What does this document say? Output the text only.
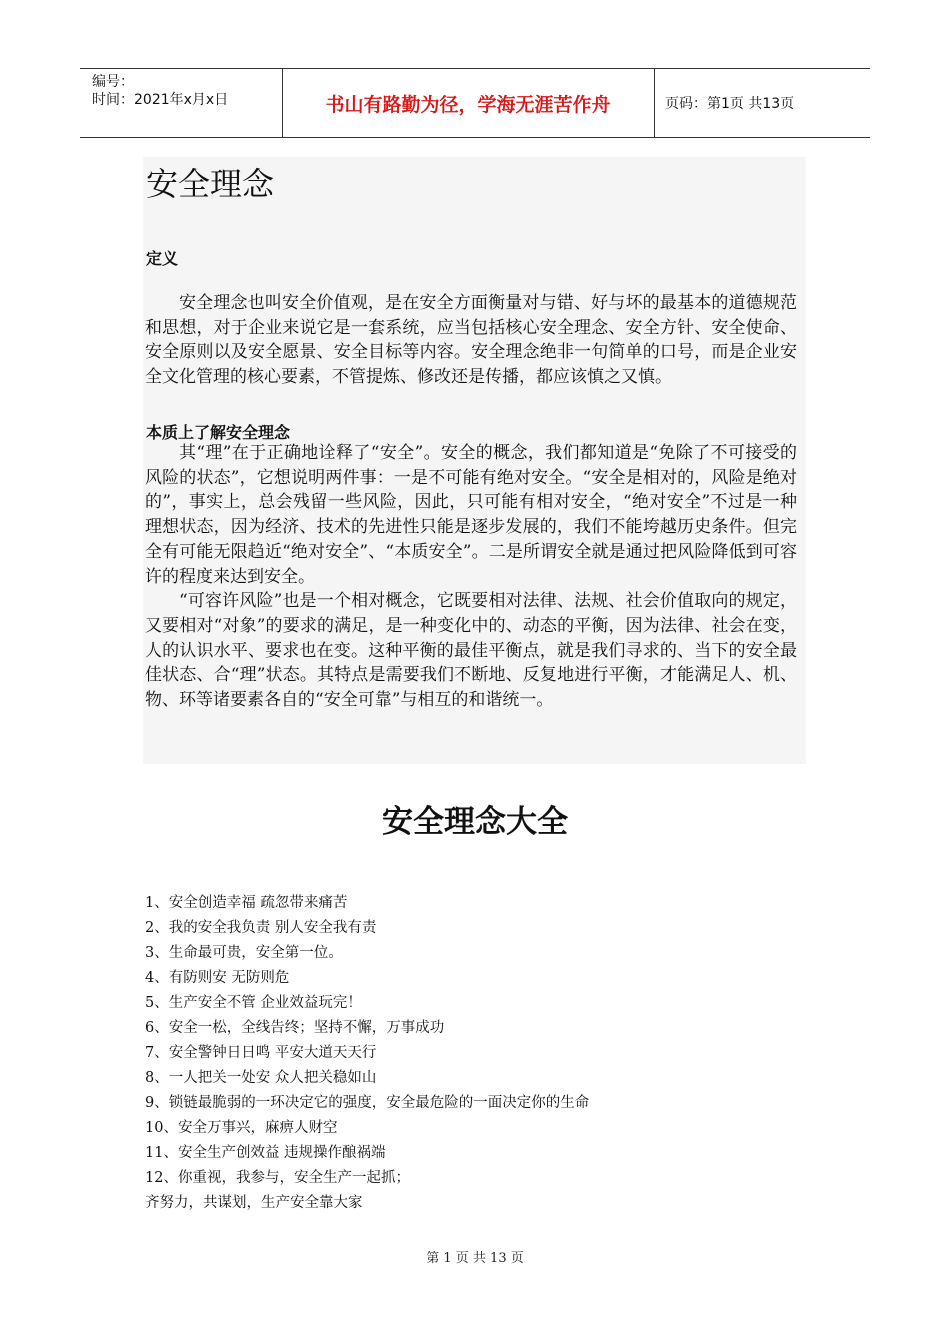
编号：
时间：2021年x月x日	书山有路勤为径，学海无涯苦作舟	页码：第1页 共13页
安全理念
定义

安全理念也叫安全价值观，是在安全方面衡量对与错、好与坏的最基本的道德规范和思想，对于企业来说它是一套系统，应当包括核心安全理念、安全方针、安全使命、安全原则以及安全愿景、安全目标等内容。安全理念绝非一句简单的口号，而是企业安全文化管理的核心要素，不管提炼、修改还是传播，都应该慎之又慎。

本质上了解安全理念

其“理”在于正确地诠释了“安全”。安全的概念，我们都知道是“免除了不可接受的风险的状态”，它想说明两件事：一是不可能有绝对安全。“安全是相对的，风险是绝对的”，事实上，总会残留一些风险，因此，只可能有相对安全，“绝对安全”不过是一种理想状态，因为经济、技术的先进性只能是逐步发展的，我们不能垮越历史条件。但完全有可能无限趋近“绝对安全”、“本质安全”。二是所谓安全就是通过把风险降低到可容许的程度来达到安全。

“可容许风险”也是一个相对概念，它既要相对法律、法规、社会价值取向的规定，又要相对“对象”的要求的满足，是一种变化中的、动态的平衡，因为法律、社会在变，人的认识水平、要求也在变。这种平衡的最佳平衡点，就是我们寻求的、当下的安全最佳状态、合“理”状态。其特点是需要我们不断地、反复地进行平衡，才能满足人、机、物、环等诸要素各自的“安全可靠”与相互的和谐统一。

安全理念大全
1、安全创造幸福 疏忽带来痛苦
2、我的安全我负责 别人安全我有责
3、生命最可贵，安全第一位。
4、有防则安 无防则危
5、生产安全不管 企业效益玩完！
6、安全一松，全线告终；坚持不懈，万事成功
7、安全警钟日日鸣 平安大道天天行
8、一人把关一处安 众人把关稳如山
9、锁链最脆弱的一环决定它的强度，安全最危险的一面决定你的生命
10、安全万事兴，麻痹人财空
11、安全生产创效益 违规操作酿祸端
12、你重视，我参与，安全生产一起抓；
齐努力，共谋划，生产安全靠大家
第 1 页 共 13 页
